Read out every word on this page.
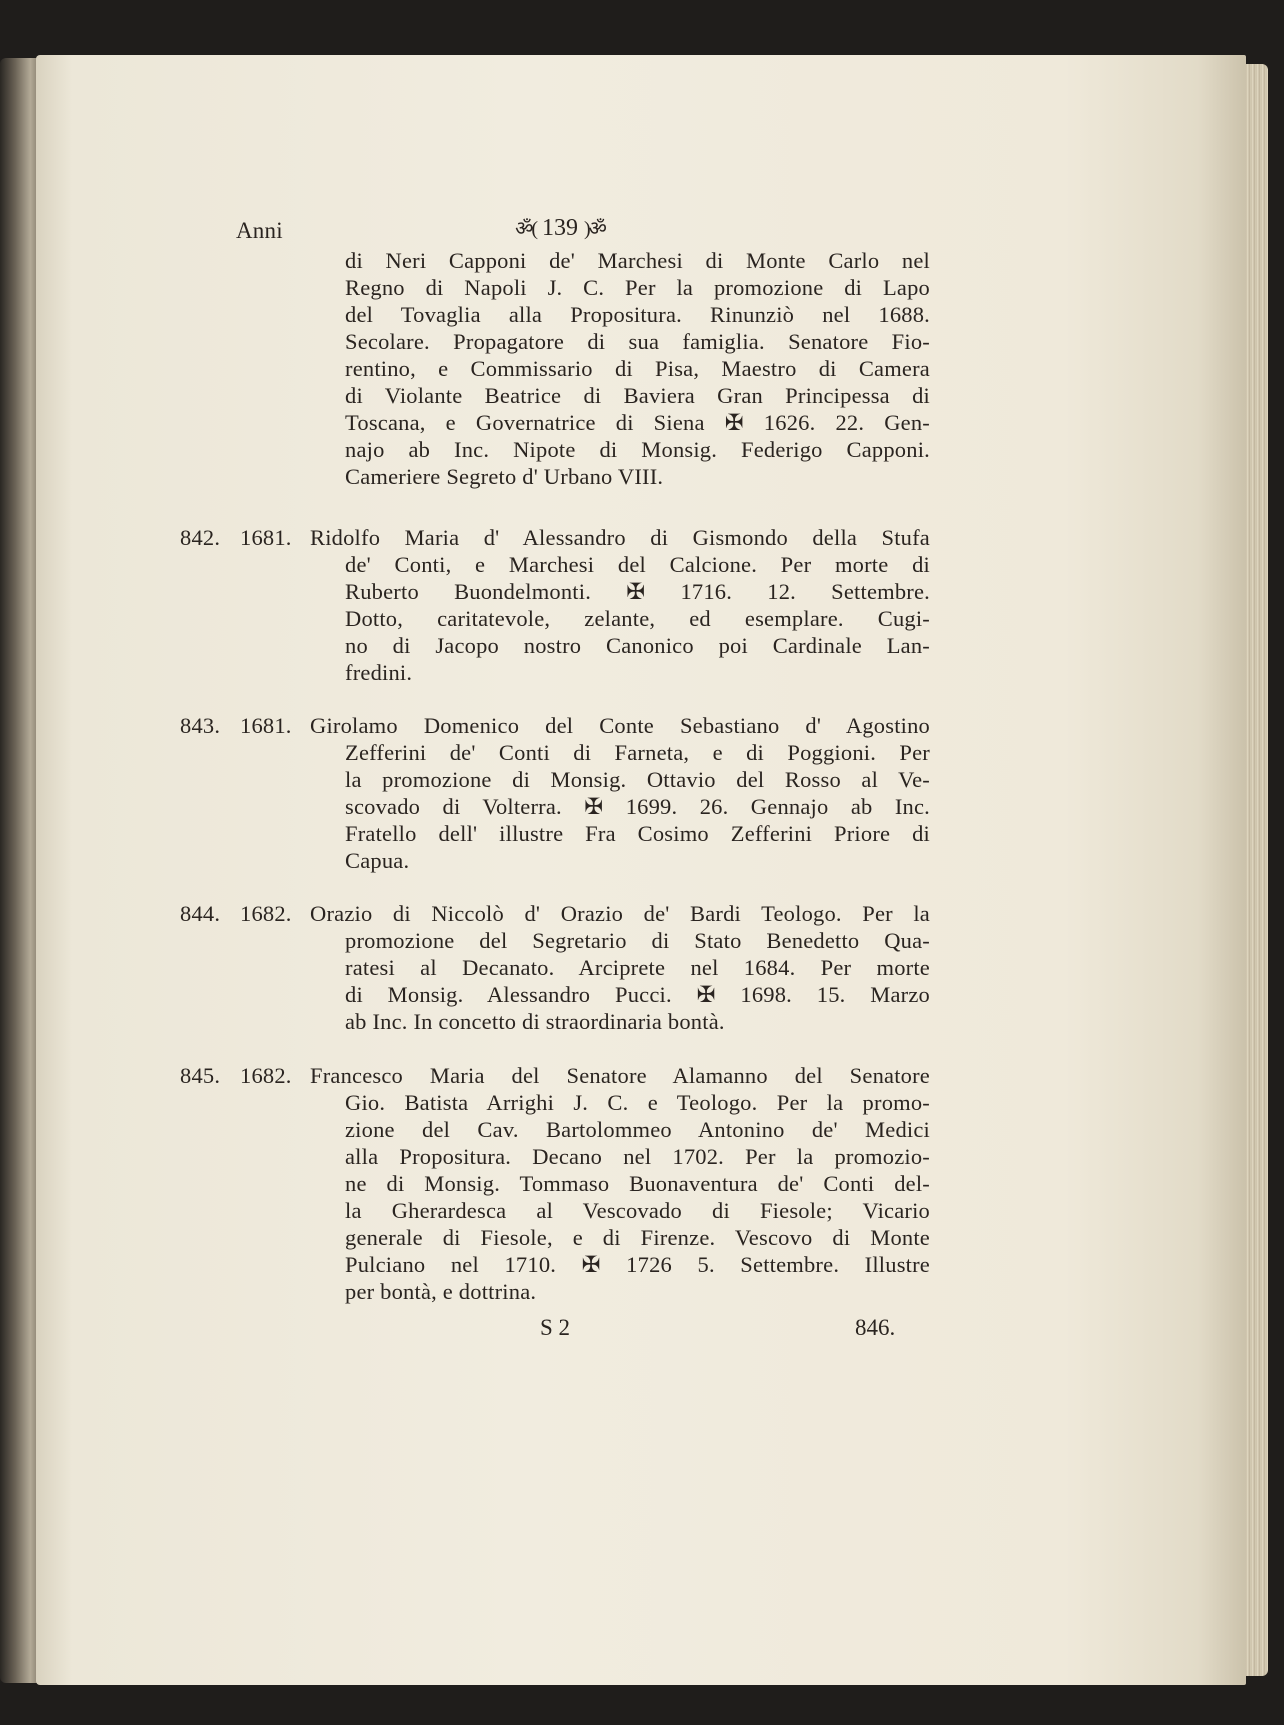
Anni	ॐ( 139 )ॐ
di Neri Capponi de' Marchesi di Monte Carlo nel
Regno di Napoli J. C. Per la promozione di Lapo
del Tovaglia alla Propositura. Rinunziò nel 1688.
Secolare. Propagatore di sua famiglia. Senatore Fio-
rentino, e Commissario di Pisa, Maestro di Camera
di Violante Beatrice di Baviera Gran Principessa di
Toscana, e Governatrice di Siena ✠ 1626. 22. Gen-
najo ab Inc. Nipote di Monsig. Federigo Capponi.
Cameriere Segreto d' Urbano VIII.
842. 1681. Ridolfo Maria d' Alessandro di Gismondo della Stufa
de' Conti, e Marchesi del Calcione. Per morte di
Ruberto Buondelmonti. ✠ 1716. 12. Settembre.
Dotto, caritatevole, zelante, ed esemplare. Cugi-
no di Jacopo nostro Canonico poi Cardinale Lan-
fredini.
843. 1681. Girolamo Domenico del Conte Sebastiano d' Agostino
Zefferini de' Conti di Farneta, e di Poggioni. Per
la promozione di Monsig. Ottavio del Rosso al Ve-
scovado di Volterra. ✠ 1699. 26. Gennajo ab Inc.
Fratello dell' illustre Fra Cosimo Zefferini Priore di
Capua.
844. 1682. Orazio di Niccolò d' Orazio de' Bardi Teologo. Per la
promozione del Segretario di Stato Benedetto Qua-
ratesi al Decanato. Arciprete nel 1684. Per morte
di Monsig. Alessandro Pucci. ✠ 1698. 15. Marzo
ab Inc. In concetto di straordinaria bontà.
845. 1682. Francesco Maria del Senatore Alamanno del Senatore
Gio. Batista Arrighi J. C. e Teologo. Per la promo-
zione del Cav. Bartolommeo Antonino de' Medici
alla Propositura. Decano nel 1702. Per la promozio-
ne di Monsig. Tommaso Buonaventura de' Conti del-
la Gherardesca al Vescovado di Fiesole; Vicario
generale di Fiesole, e di Firenze. Vescovo di Monte
Pulciano nel 1710. ✠ 1726 5. Settembre. Illustre
per bontà, e dottrina.
S 2	846.
